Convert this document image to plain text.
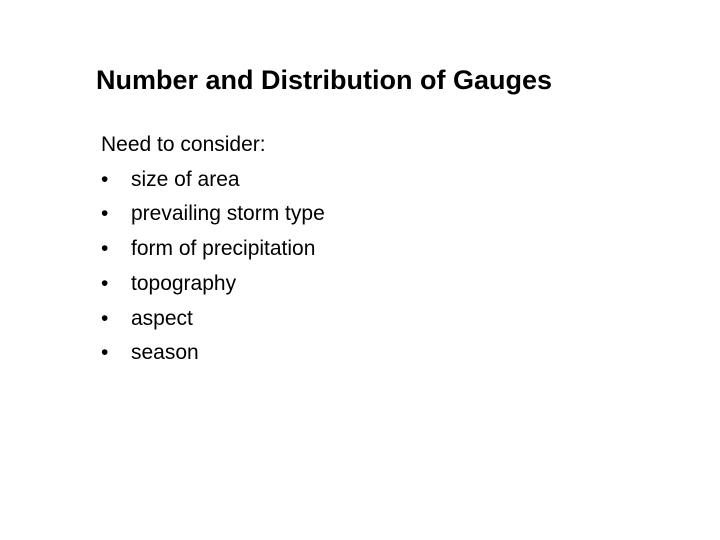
Number and Distribution of Gauges
Need to consider:
•	size of area
•	prevailing storm type
•	form of precipitation
•	topography
•	aspect
•	season
